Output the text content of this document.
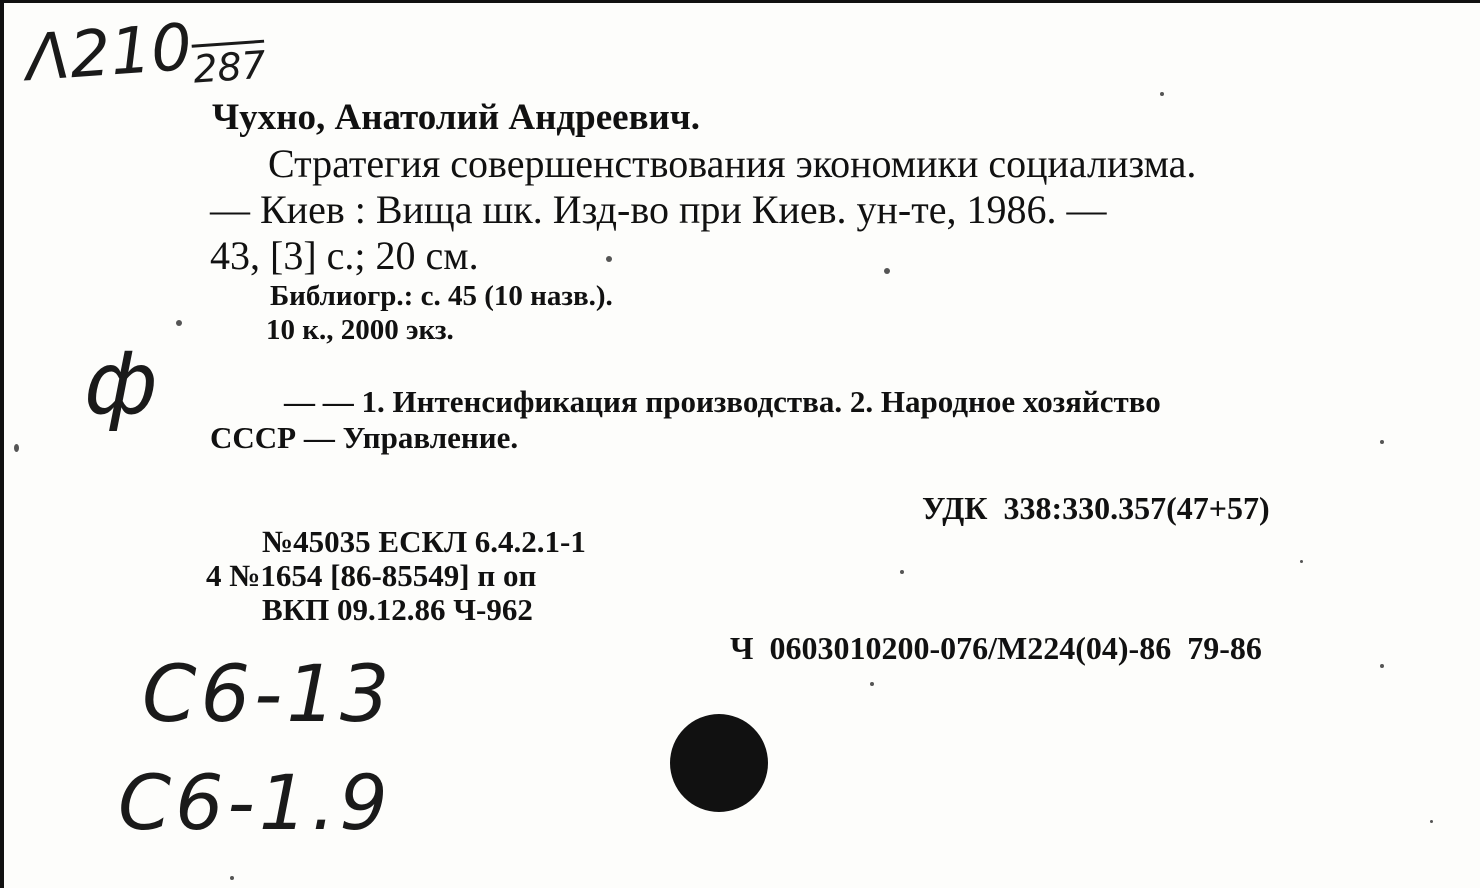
$\Lambda 210_{287}$
Чухно, Анатолий Андреевич.
Стратегия совершенствования экономики социализма.
— Киев : Вища шк. Изд-во при Киев. ун-те, 1986. —
43, [3] с.; 20 см.
Библиогр.: с. 45 (10 назв.).
10 к., 2000 экз.
ф	— — 1. Интенсификация производства. 2. Народное хозяйство
СССР — Управление.
УДК  338:330.357(47+57)
№45035 ЕСКЛ 6.4.2.1-1
4 №1654 [86-85549] п оп
ВКП 09.12.86 Ч-962
Ч  0603010200-076/М224(04)-86  79-86
C6-13
C6-1.9
